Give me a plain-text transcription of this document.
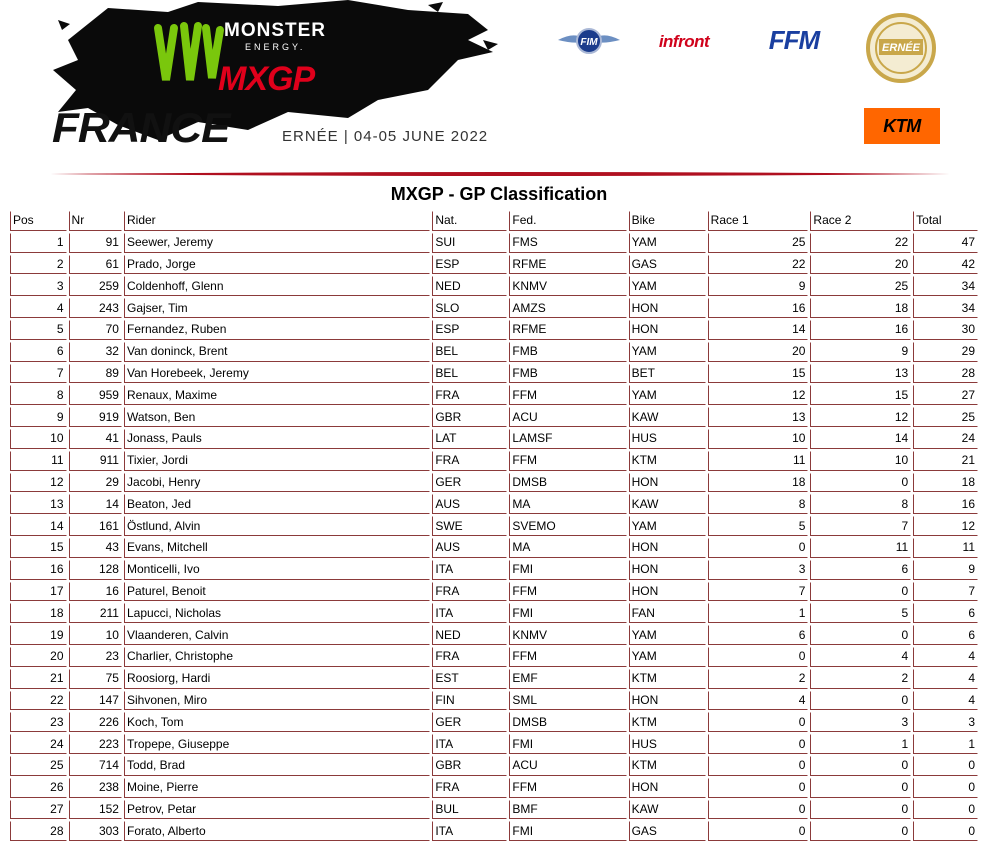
MONSTER
ENERGY.
MXGP
FRANCE	ERNÉE | 04-05 JUNE 2022
FIM	infront	FFM	ERNÉE
KTM
MXGP - GP Classification
Pos	Nr	Rider	Nat.	Fed.	Bike	Race 1	Race 2	Total
1	91	Seewer, Jeremy	SUI	FMS	YAM	25	22	47
2	61	Prado, Jorge	ESP	RFME	GAS	22	20	42
3	259	Coldenhoff, Glenn	NED	KNMV	YAM	9	25	34
4	243	Gajser, Tim	SLO	AMZS	HON	16	18	34
5	70	Fernandez, Ruben	ESP	RFME	HON	14	16	30
6	32	Van doninck, Brent	BEL	FMB	YAM	20	9	29
7	89	Van Horebeek, Jeremy	BEL	FMB	BET	15	13	28
8	959	Renaux, Maxime	FRA	FFM	YAM	12	15	27
9	919	Watson, Ben	GBR	ACU	KAW	13	12	25
10	41	Jonass, Pauls	LAT	LAMSF	HUS	10	14	24
11	911	Tixier, Jordi	FRA	FFM	KTM	11	10	21
12	29	Jacobi, Henry	GER	DMSB	HON	18	0	18
13	14	Beaton, Jed	AUS	MA	KAW	8	8	16
14	161	Östlund, Alvin	SWE	SVEMO	YAM	5	7	12
15	43	Evans, Mitchell	AUS	MA	HON	0	11	11
16	128	Monticelli, Ivo	ITA	FMI	HON	3	6	9
17	16	Paturel, Benoit	FRA	FFM	HON	7	0	7
18	211	Lapucci, Nicholas	ITA	FMI	FAN	1	5	6
19	10	Vlaanderen, Calvin	NED	KNMV	YAM	6	0	6
20	23	Charlier, Christophe	FRA	FFM	YAM	0	4	4
21	75	Roosiorg, Hardi	EST	EMF	KTM	2	2	4
22	147	Sihvonen, Miro	FIN	SML	HON	4	0	4
23	226	Koch, Tom	GER	DMSB	KTM	0	3	3
24	223	Tropepe, Giuseppe	ITA	FMI	HUS	0	1	1
25	714	Todd, Brad	GBR	ACU	KTM	0	0	0
26	238	Moine, Pierre	FRA	FFM	HON	0	0	0
27	152	Petrov, Petar	BUL	BMF	KAW	0	0	0
28	303	Forato, Alberto	ITA	FMI	GAS	0	0	0
